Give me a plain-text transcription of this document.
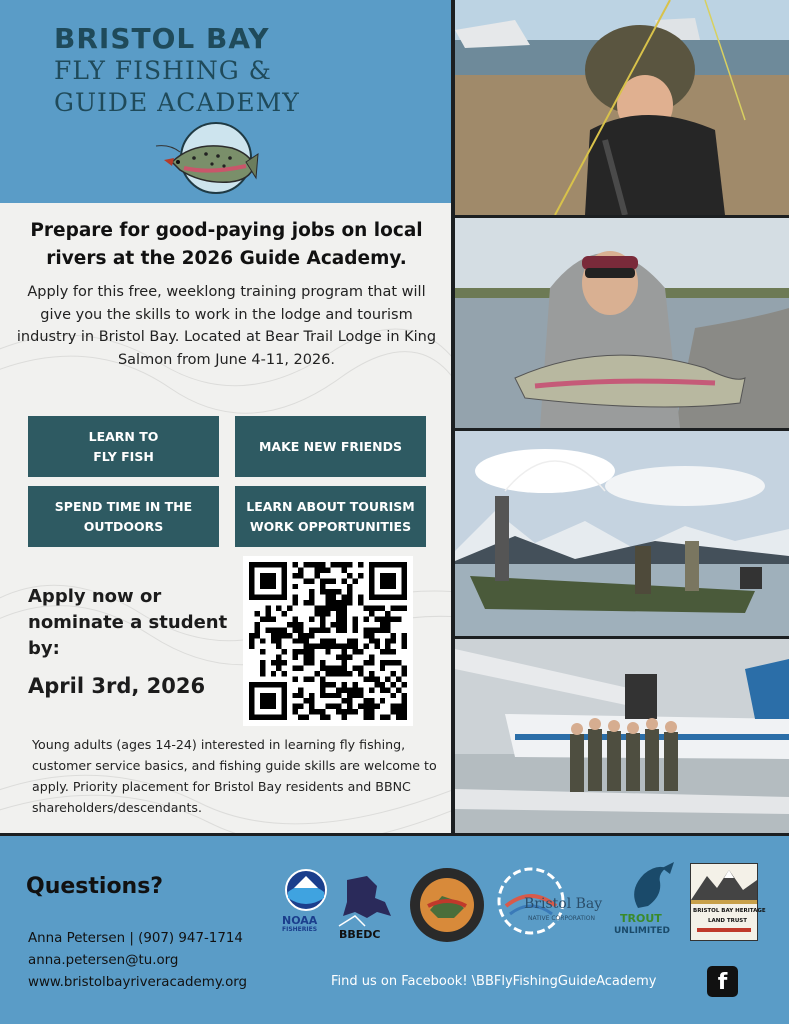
BRISTOL BAY
FLY FISHING &
GUIDE ACADEMY
Prepare for good-paying jobs on local rivers at the 2026 Guide Academy.
Apply for this free, weeklong training program that will give you the skills to work in the lodge and tourism industry in Bristol Bay. Located at Bear Trail Lodge in King Salmon from June 4-11, 2026.
LEARN TO
FLY FISH
MAKE NEW FRIENDS
SPEND TIME IN THE
OUTDOORS
LEARN ABOUT TOURISM
WORK OPPORTUNITIES
Apply now or nominate a student by:
April 3rd, 2026
Young adults (ages 14-24) interested in learning fly fishing, customer service basics, and fishing guide skills are welcome to apply. Priority placement for Bristol Bay residents and BBNC shareholders/descendants.
Questions?
Anna Petersen | (907) 947-1714
anna.petersen@tu.org
www.bristolbayriveracademy.org
NOAA
FISHERIES BBEDC
Bristol Bay
NATIVE CORPORATION TROUT
UNLIMITED
BRISTOL BAY HERITAGE
LAND TRUST
Find us on Facebook! \BBFlyFishingGuideAcademy	f
